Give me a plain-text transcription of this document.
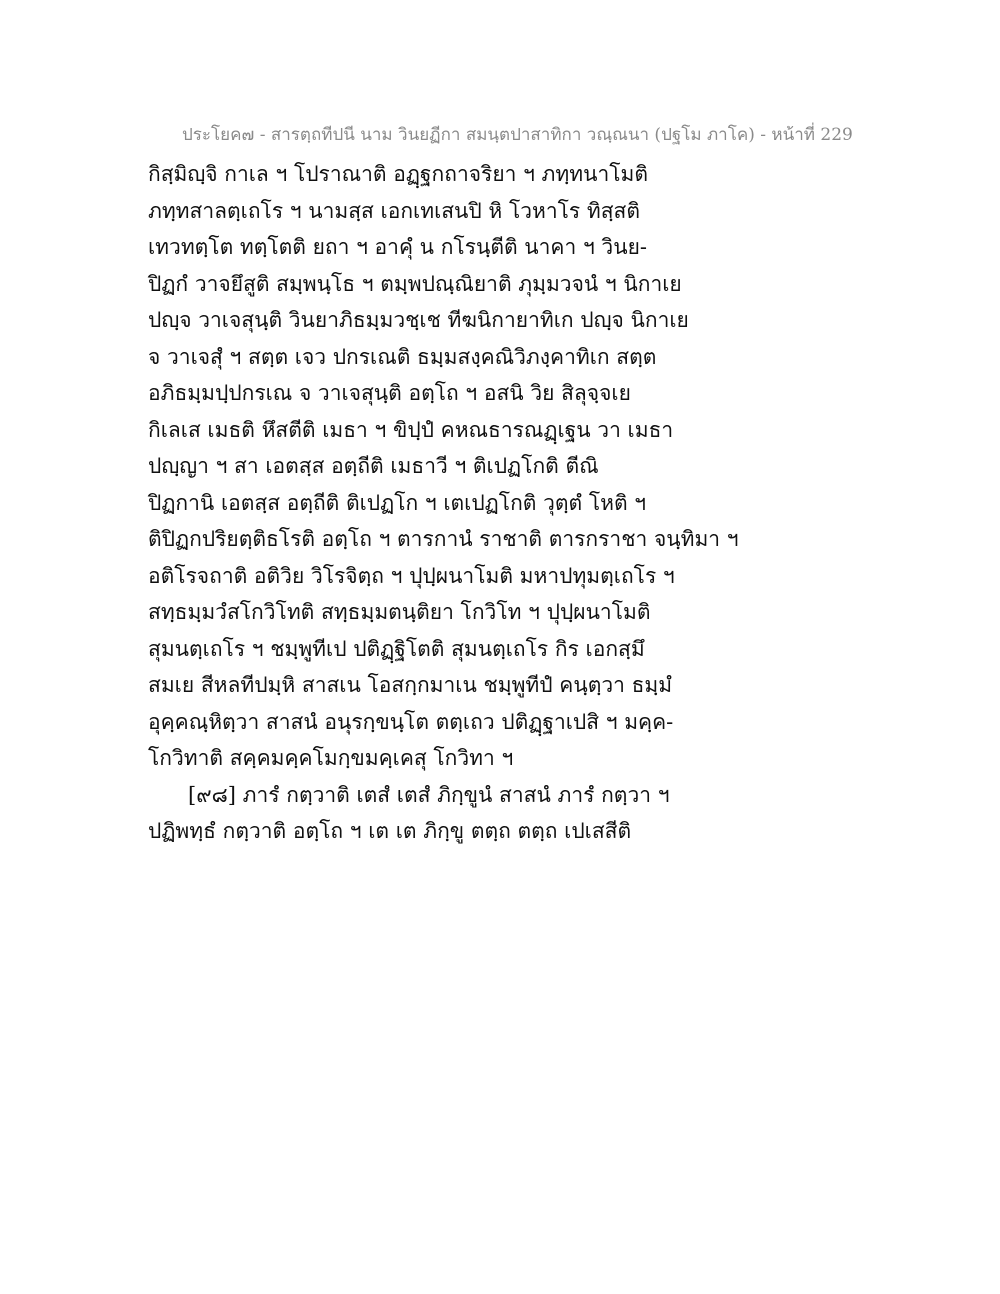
ประโยค๗ - สารตฺถทีปนี นาม วินยฏีกา สมนฺตปาสาทิกา วณฺณนา (ปฐโม ภาโค) - หน้าที่ 229
กิสฺมิญฺจิ กาเล ฯ โปราณาติ อฏฺฐกถาจริยา ฯ ภทฺทนาโมติ
ภทฺทสาลตฺเถโร ฯ นามสฺส เอกเทเสนปิ หิ โวหาโร ทิสฺสติ
เทวทตฺโต ทตฺโตติ ยถา ฯ อาคุํ น กโรนฺตีติ นาคา ฯ วินย-
ปิฏกํ วาจยึสูติ สมฺพนฺโธ ฯ ตมฺพปณฺณิยาติ ภุมฺมวจนํ ฯ นิกาเย
ปญฺจ วาเจสุนฺติ วินยาภิธมฺมวชฺเช ทีฆนิกายาทิเก ปญฺจ นิกาเย
จ วาเจสุํ ฯ สตฺต เจว ปกรเณติ ธมฺมสงฺคณิวิภงฺคาทิเก สตฺต
อภิธมฺมปฺปกรเณ จ วาเจสุนฺติ อตฺโถ ฯ อสนิ วิย สิลุจฺจเย
กิเลเส เมธติ หึสตีติ เมธา ฯ ขิปฺปํ คหณธารณฏฺเฐน วา เมธา
ปญฺญา ฯ สา เอตสฺส อตฺถีติ เมธาวี ฯ ติเปฏโกติ ตีณิ
ปิฏกานิ เอตสฺส อตฺถีติ ติเปฏโก ฯ เตเปฏโกติ วุตฺตํ โหติ ฯ
ติปิฏกปริยตฺติธโรติ อตฺโถ ฯ ตารกานํ ราชาติ ตารกราชา จนฺทิมา ฯ
อติโรจถาติ อติวิย วิโรจิตฺถ ฯ ปุปฺผนาโมติ มหาปทุมตฺเถโร ฯ
สทฺธมฺมวํสโกวิโทติ สทฺธมฺมตนฺติยา โกวิโท ฯ ปุปฺผนาโมติ
สุมนตฺเถโร ฯ ชมฺพูทีเป ปติฏฺฐิโตติ สุมนตฺเถโร กิร เอกสฺมึ
สมเย สีหลทีปมฺหิ สาสเน โอสกฺกมาเน ชมฺพูทีปํ คนฺตฺวา ธมฺมํ
อุคฺคณฺหิตฺวา สาสนํ อนุรกฺขนฺโต ตตฺเถว ปติฏฺฐาเปสิ ฯ มคฺค-
โกวิทาติ สคฺคมคฺคโมกฺขมคฺเคสุ โกวิทา ฯ
[๙๘] ภารํ กตฺวาติ เตสํ เตสํ ภิกฺขูนํ สาสนํ ภารํ กตฺวา ฯ
ปฏิพทฺธํ กตฺวาติ อตฺโถ ฯ เต เต ภิกฺขู ตตฺถ ตตฺถ เปเสสีติ
